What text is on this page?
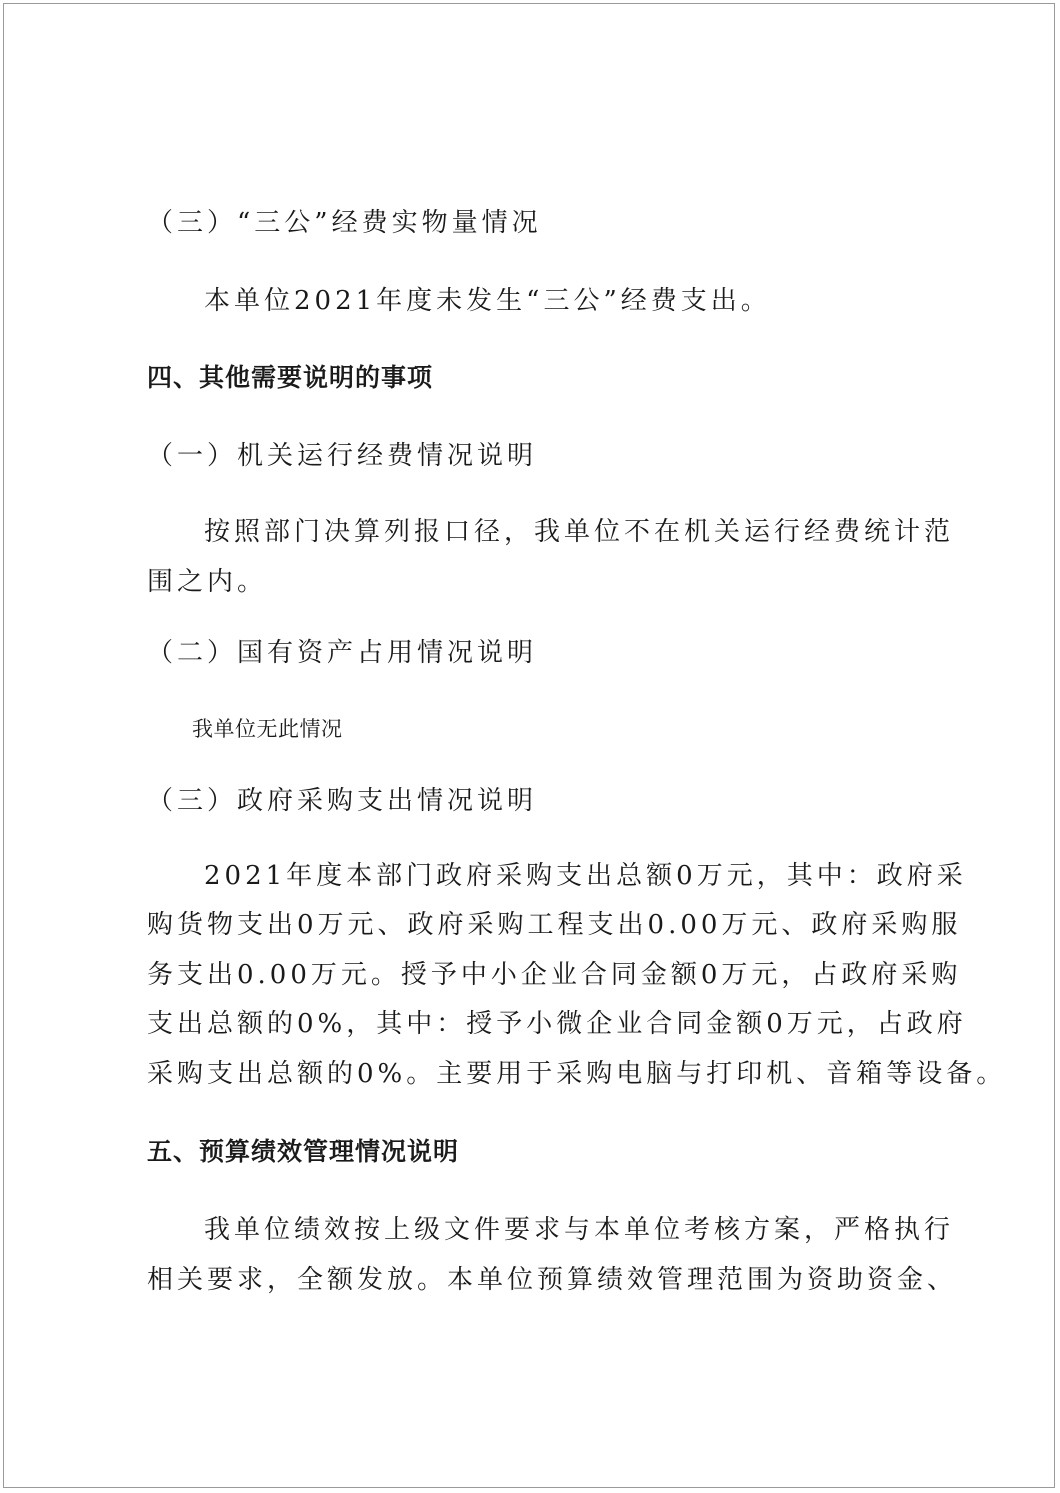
（三）“三公”经费实物量情况
本单位2021年度未发生“三公”经费支出。
四、其他需要说明的事项
（一）机关运行经费情况说明
按照部门决算列报口径，我单位不在机关运行经费统计范
围之内。
（二）国有资产占用情况说明
我单位无此情况
（三）政府采购支出情况说明
2021年度本部门政府采购支出总额0万元，其中：政府采
购货物支出0万元、政府采购工程支出0.00万元、政府采购服
务支出0.00万元。授予中小企业合同金额0万元，占政府采购
支出总额的0%，其中：授予小微企业合同金额0万元，占政府
采购支出总额的0%。主要用于采购电脑与打印机、音箱等设备。
五、预算绩效管理情况说明
我单位绩效按上级文件要求与本单位考核方案，严格执行
相关要求，全额发放。本单位预算绩效管理范围为资助资金、
